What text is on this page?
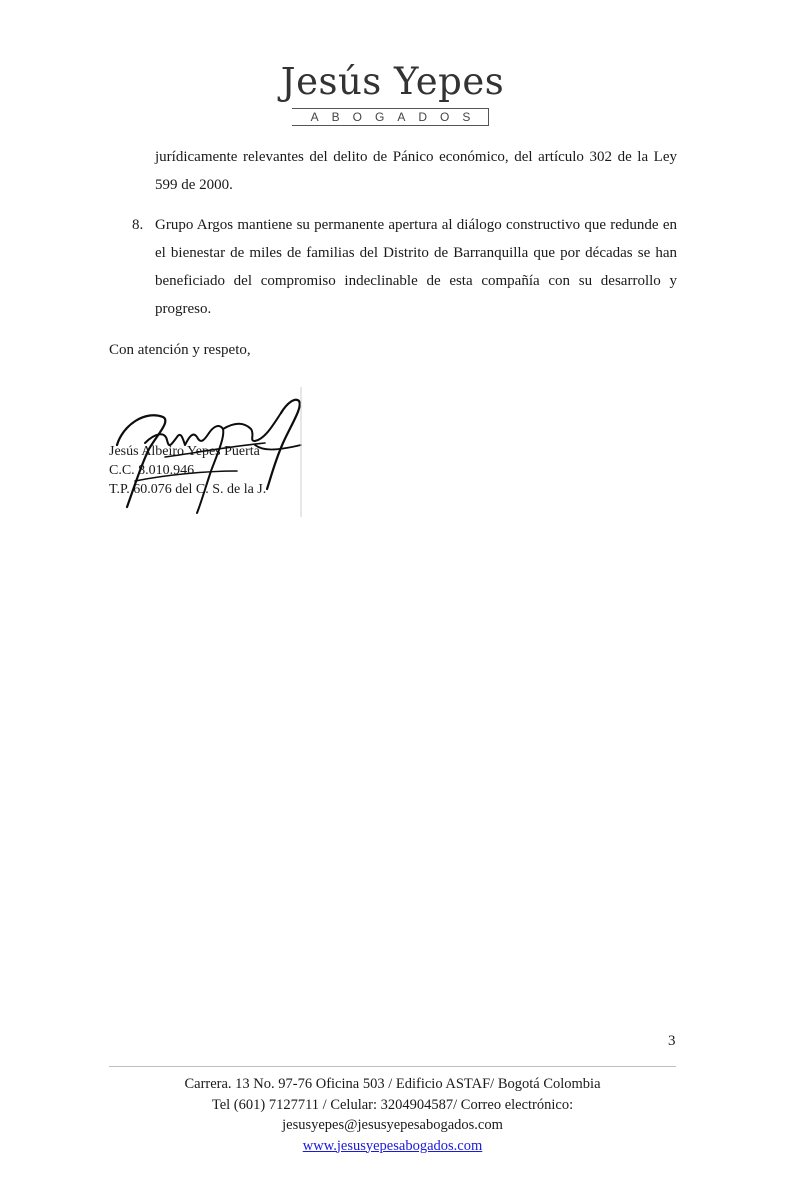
Jesús Yepes
ABOGADOS
jurídicamente relevantes del delito de Pánico económico, del artículo 302 de la Ley 599 de 2000.
8. Grupo Argos mantiene su permanente apertura al diálogo constructivo que redunde en el bienestar de miles de familias del Distrito de Barranquilla que por décadas se han beneficiado del compromiso indeclinable de esta compañía con su desarrollo y progreso.
Con atención y respeto,
Jesús Albeiro Yepes Puerta
C.C. 8.010.946
T.P. 60.076 del C. S. de la J.
3
Carrera. 13 No. 97-76 Oficina 503 / Edificio ASTAF/ Bogotá Colombia
Tel (601) 7127711 / Celular: 3204904587/ Correo electrónico:
jesusyepes@jesusyepesabogados.com
www.jesusyepesabogados.com
